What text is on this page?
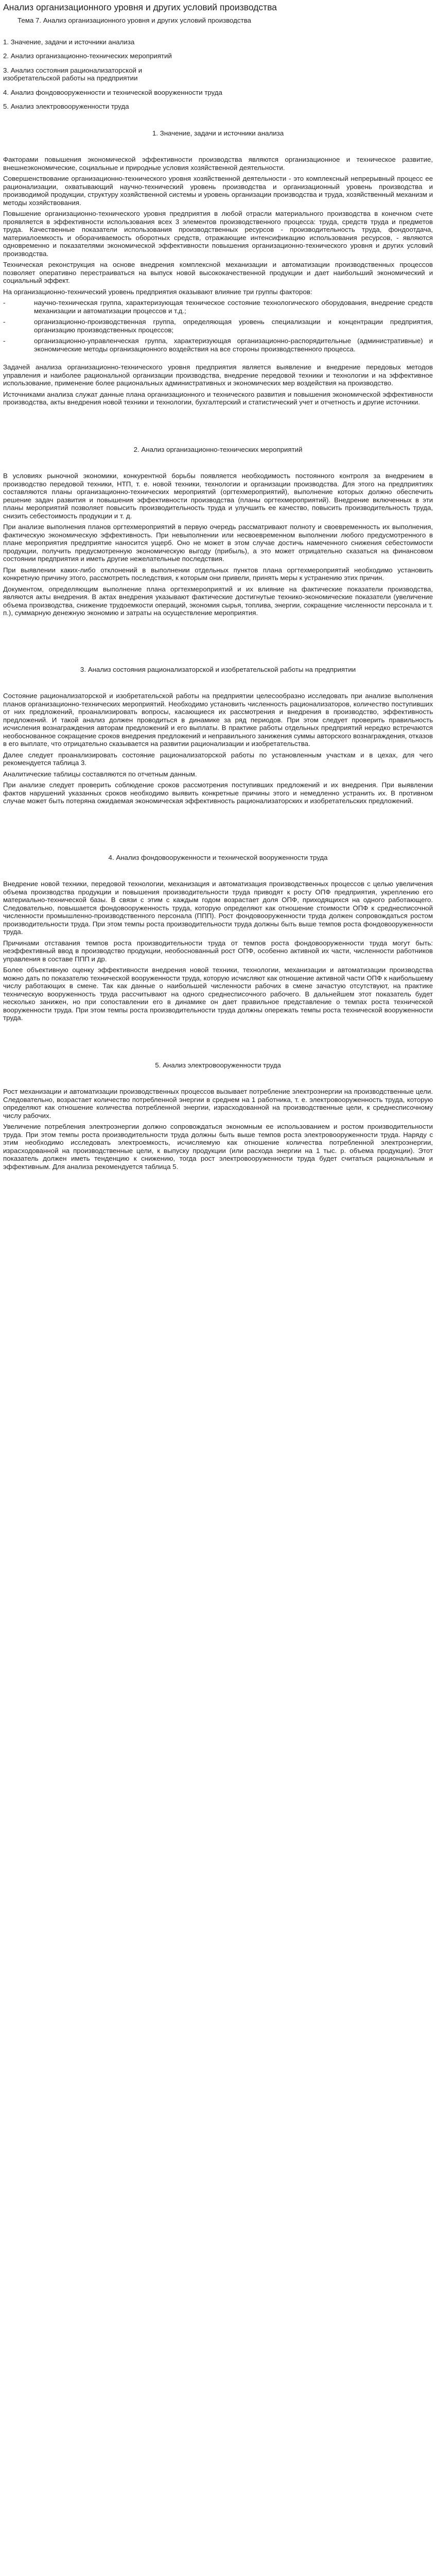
Анализ организационного уровня и других условий производства
Тема 7. Анализ организационного уровня и других условий производства
1. Значение, задачи и источники анализа
2. Анализ организационно-технических мероприятий
3. Анализ состояния рационализаторской и изобретательской работы на предприятии
4. Анализ фондовооруженности и технической вооруженности труда
5. Анализ электровооруженности труда
1. Значение, задачи и источники анализа

Факторами повышения экономической эффективности производства являются организационное и техническое развитие, внешнеэкономические, социальные и природные условия хозяйственной деятельности.

Совершенствование организационно-технического уровня хозяйственной деятельности - это комплексный непрерывный процесс ее рационализации, охватывающий научно-технический уровень производства и организационный уровень производства и производимой продукции, структуру хозяйственной системы и уровень организации производства и труда, хозяйственный механизм и методы хозяйствования.

Повышение организационно-технического уровня предприятия в любой отрасли материального производства в конечном счете проявляется в эффективности использования всех 3 элементов производственного процесса: труда, средств труда и предметов труда. Качественные показатели использования производственных ресурсов - производительность труда, фондоотдача, материалоемкость и оборачиваемость оборотных средств, отражающие интенсификацию использования ресурсов, - являются одновременно и показателями экономической эффективности повышения организационно-технического уровня и других условий производства.

Техническая реконструкция на основе внедрения комплексной механизации и автоматизации производственных процессов позволяет оперативно перестраиваться на выпуск новой высококачественной продукции и дает наибольший экономический и социальный эффект.

На организационно-технический уровень предприятия оказывают влияние три группы факторов:

-	научно-техническая группа, характеризующая техническое состояние технологического оборудования, внедрение средств механизации и автоматизации процессов и т.д.;
-	организационно-производственная группа, определяющая уровень специализации и концентрации предприятия, организацию производственных процессов;
-	организационно-управленческая группа, характеризующая организационно-распорядительные (административные) и экономические методы организационного воздействия на все стороны производственного процесса.

Задачей анализа организационно-технического уровня предприятия является выявление и внедрение передовых методов управления и наиболее рациональной организации производства, внедрение передовой техники и технологии и на эффективное использование, применение более рациональных административных и экономических мер воздействия на производство.

Источниками анализа служат данные плана организационного и технического развития и повышения экономической эффективности производства, акты внедрения новой техники и технологии, бухгалтерский и статистический учет и отчетность и другие источники.

2. Анализ организационно-технических мероприятий

В условиях рыночной экономики, конкурентной борьбы появляется необходимость постоянного контроля за внедрением в производство передовой техники, НТП, т. е. новой техники, технологии и организации производства. Для этого на предприятиях составляются планы организационно-технических мероприятий (оргтехмероприятий), выполнение которых должно обеспечить решение задач развития и повышения эффективности производства (планы оргтехмероприятий). Внедрение включенных в эти планы мероприятий позволяет повысить производительность труда и улучшить ее качество, повысить производительность труда, снизить себестоимость продукции и т. д.

При анализе выполнения планов оргтехмероприятий в первую очередь рассматривают полноту и своевременность их выполнения, фактическую экономическую эффективность. При невыполнении или несвоевременном выполнении любого предусмотренного в плане мероприятия предприятие наносится ущерб. Оно не может в этом случае достичь намеченного снижения себестоимости продукции, получить предусмотренную экономическую выгоду (прибыль), а это может отрицательно сказаться на финансовом состоянии предприятия и иметь другие нежелательные последствия.

При выявлении каких-либо отклонений в выполнении отдельных пунктов плана оргтехмероприятий необходимо установить конкретную причину этого, рассмотреть последствия, к которым они привели, принять меры к устранению этих причин.

Документом, определяющим выполнение плана оргтехмероприятий и их влияние на фактические показатели производства, являются акты внедрения. В актах внедрения указывают фактические достигнутые технико-экономические показатели (увеличение объема производства, снижение трудоемкости операций, экономия сырья, топлива, энергии, сокращение численности персонала и т. п.), суммарную денежную экономию и затраты на осуществление мероприятия.

3. Анализ состояния рационализаторской и изобретательской работы на предприятии

Состояние рационализаторской и изобретательской работы на предприятии целесообразно исследовать при анализе выполнения планов организационно-технических мероприятий. Необходимо установить численность рационализаторов, количество поступивших от них предложений, проанализировать вопросы, касающиеся их рассмотрения и внедрения в производство, эффективность предложений. И такой анализ должен проводиться в динамике за ряд периодов. При этом следует проверить правильность исчисления вознаграждения авторам предложений и его выплаты. В практике работы отдельных предприятий нередко встречаются необоснованное сокращение сроков внедрения предложений и неправильного занижения суммы авторского вознаграждения, отказов в его выплате, что отрицательно сказывается на развитии рационализации и изобретательства.

Далее следует проанализировать состояние рационализаторской работы по установленным участкам и в цехах, для чего рекомендуется таблица 3.

Аналитические таблицы составляются по отчетным данным.

При анализе следует проверить соблюдение сроков рассмотрения поступивших предложений и их внедрения. При выявлении фактов нарушений указанных сроков необходимо выявить конкретные причины этого и немедленно устранить их. В противном случае может быть потеряна ожидаемая экономическая эффективность рационализаторских и изобретательских предложений.

4. Анализ фондовооруженности и технической вооруженности труда

Внедрение новой техники, передовой технологии, механизация и автоматизация производственных процессов с целью увеличения объема производства продукции и повышения производительности труда приводят к росту ОПФ предприятия, укреплению его материально-технической базы. В связи с этим с каждым годом возрастает доля ОПФ, приходящихся на одного работающего. Следовательно, повышается фондовооруженность труда, которую определяют как отношение стоимости ОПФ к среднесписочной численности промышленно-производственного персонала (ППП). Рост фондовооруженности труда должен сопровождаться ростом производительности труда. При этом темпы роста производительности труда должны быть выше темпов роста фондовооруженности труда.

Причинами отставания темпов роста производительности труда от темпов роста фондовооруженности труда могут быть: неэффективный ввод в производство продукции, необоснованный рост ОПФ, особенно активной их части, численности работников управления в составе ППП и др.

Более объективную оценку эффективности внедрения новой техники, технологии, механизации и автоматизации производства можно дать по показателю технической вооруженности труда, которую исчисляют как отношение активной части ОПФ к наибольшему числу работающих в смене. Так как данные о наибольшей численности рабочих в смене зачастую отсутствуют, на практике техническую вооруженность труда рассчитывают на одного среднесписочного рабочего. В дальнейшем этот показатель будет несколько занижен, но при сопоставлении его в динамике он дает правильное представление о темпах роста технической вооруженности труда. При этом темпы роста производительности труда должны опережать темпы роста технической вооруженности труда.

5. Анализ электровооруженности труда

Рост механизации и автоматизации производственных процессов вызывает потребление электроэнергии на производственные цели. Следовательно, возрастает количество потребленной энергии в среднем на 1 работника, т. е. электровооруженность труда, которую определяют как отношение количества потребленной энергии, израсходованной на производственные цели, к среднесписочному числу рабочих.

Увеличение потребления электроэнергии должно сопровождаться экономным ее использованием и ростом производительности труда. При этом темпы роста производительности труда должны быть выше темпов роста электровооруженности труда. Наряду с этим необходимо исследовать электроемкость, исчисляемую как отношение количества потребленной электроэнергии, израсходованной на производственные цели, к выпуску продукции (или расхода энергии на 1 тыс. р. объема продукции). Этот показатель должен иметь тенденцию к снижению, тогда рост электровооруженности труда будет считаться рациональным и эффективным. Для анализа рекомендуется таблица 5.
